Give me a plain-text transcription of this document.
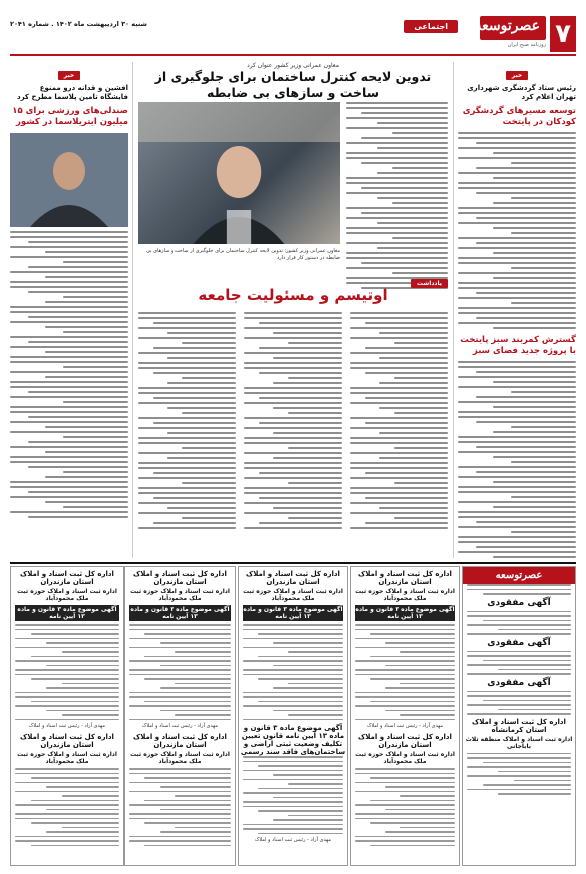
۷
عصرتوسعه
روزنامه صبح ایران
اجتماعی
شنبه ۳۰ اردیبهشت ماه ۱۴۰۲ . شماره ۲۰۴۱
خبر
رئیس ستاد گردشگری شهرداری تهران اعلام کرد
توسعه مسیرهای گردشگری کودکان در پایتخت
گسترش کمربند سبز پایتخت با پروژه جدید فضای سبز
معاون عمرانی وزیر کشور عنوان کرد
تدوین لایحه کنترل ساختمان برای جلوگیری از ساخت و سازهای بی ضابطه
معاون عمرانی وزیر کشور: تدوین لایحه کنترل ساختمان برای جلوگیری از ساخت و سازهای بی ضابطه در دستور کار قرار دارد
یادداشت
اوتیسم و مسئولیت جامعه
خبر
افشین و قدانه درو ممنوع فایشگاه تامین پلاسما مطرح کرد
صندلی‌های ورزشی برای ۱۵ میلیون ایتریلاسما در کشور
عصرتوسعه
آگهی مفقودی
آگهی مفقودی
آگهی مفقودی
اداره کل ثبت اسناد و املاک استان کرمانشاه
اداره ثبت اسناد و املاک منطقه ثلاث باباجانی
اداره کل ثبت اسناد و املاک استان مازندران
اداره ثبت اسناد و املاک حوزه ثبت ملک محمودآباد
آگهی موضوع ماده ۳ قانون و ماده ۱۳ آیین نامه
مهدی آزاد - رئیس ثبت اسناد و املاک
اداره کل ثبت اسناد و املاک استان مازندران
اداره ثبت اسناد و املاک حوزه ثبت ملک محمودآباد
اداره کل ثبت اسناد و املاک استان مازندران
اداره ثبت اسناد و املاک حوزه ثبت ملک محمودآباد
آگهی موضوع ماده ۳ قانون و ماده ۱۳ آیین نامه
آگهی موضوع ماده ۳ قانون و ماده ۱۳ آیین نامه قانون تعیین تکلیف وضعیت ثبتی اراضی و ساختمان‌های فاقد سند رسمی
مهدی آزاد - رئیس ثبت اسناد و املاک
اداره کل ثبت اسناد و املاک استان مازندران
اداره ثبت اسناد و املاک حوزه ثبت ملک محمودآباد
آگهی موضوع ماده ۳ قانون و ماده ۱۳ آیین نامه
مهدی آزاد - رئیس ثبت اسناد و املاک
اداره کل ثبت اسناد و املاک استان مازندران
اداره ثبت اسناد و املاک حوزه ثبت ملک محمودآباد
اداره کل ثبت اسناد و املاک استان مازندران
اداره ثبت اسناد و املاک حوزه ثبت ملک محمودآباد
آگهی موضوع ماده ۳ قانون و ماده ۱۳ آیین نامه
مهدی آزاد - رئیس ثبت اسناد و املاک
اداره کل ثبت اسناد و املاک استان مازندران
اداره ثبت اسناد و املاک حوزه ثبت ملک محمودآباد
